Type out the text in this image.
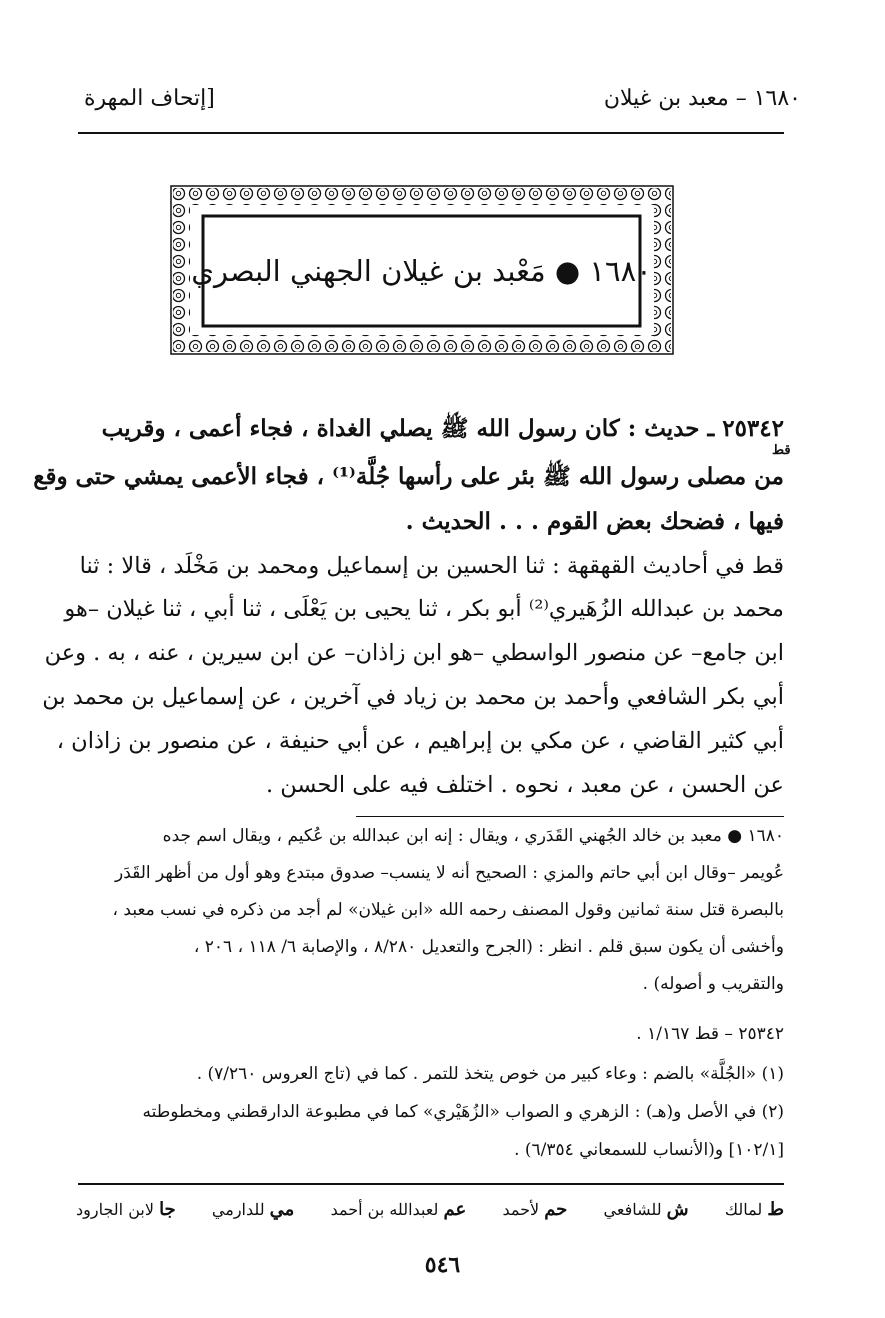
١٦٨٠ – معبد بن غيلان
[إتحاف المهرة
١٦٨٠ ● مَعْبد بن غيلان الجهني البصري
٢٥٣٤٢ ـ حديث : كان رسول الله ﷺ يصلي الغداة ، فجاء أعمى ، وقريب
قط
من مصلى رسول الله ﷺ بئر على رأسها جُلَّة⁽¹⁾ ، فجاء الأعمى يمشي حتى وقع
فيها ، فضحك بعض القوم . . . الحديث .
قط في أحاديث القهقهة : ثنا الحسين بن إسماعيل ومحمد بن مَخْلَد ، قالا : ثنا
محمد بن عبدالله الزُهَيري⁽²⁾ أبو بكر ، ثنا يحيى بن يَعْلَى ، ثنا أبي ، ثنا غيلان –هو
ابن جامع– عن منصور الواسطي –هو ابن زاذان– عن ابن سيرين ، عنه ، به . وعن
أبي بكر الشافعي وأحمد بن محمد بن زياد في آخرين ، عن إسماعيل بن محمد بن
أبي كثير القاضي ، عن مكي بن إبراهيم ، عن أبي حنيفة ، عن منصور بن زاذان ،
عن الحسن ، عن معبد ، نحوه . اختلف فيه على الحسن .
١٦٨٠ ● معبد بن خالد الجُهني القَدَري ، ويقال : إنه ابن عبدالله بن عُكيم ، ويقال اسم جده
عُويمر –وقال ابن أبي حاتم والمزي : الصحيح أنه لا ينسب– صدوق مبتدع وهو أول من أظهر القَدَر
بالبصرة قتل سنة ثمانين وقول المصنف رحمه الله «ابن غيلان» لم أجد من ذكره في نسب معبد ،
وأخشى أن يكون سبق قلم . انظر : (الجرح والتعديل ٨/٢٨٠ ، والإصابة ٦/ ١١٨ ، ٢٠٦ ،
والتقريب و أصوله) .
٢٥٣٤٢ – قط ١/١٦٧ .
(١) «الجُلَّة» بالضم : وعاء كبير من خوص يتخذ للتمر . كما في (تاج العروس ٧/٢٦٠) .
(٢) في الأصل و(هـ) : الزهري و الصواب «الزُهَيْري» كما في مطبوعة الدارقطني ومخطوطته
[١٠٢/١] و(الأنساب للسمعاني ٦/٣٥٤) .
ط لمالك
ش للشافعي
حم لأحمد
عم لعبدالله بن أحمد
مي للدارمي
جا لابن الجارود
٥٤٦
